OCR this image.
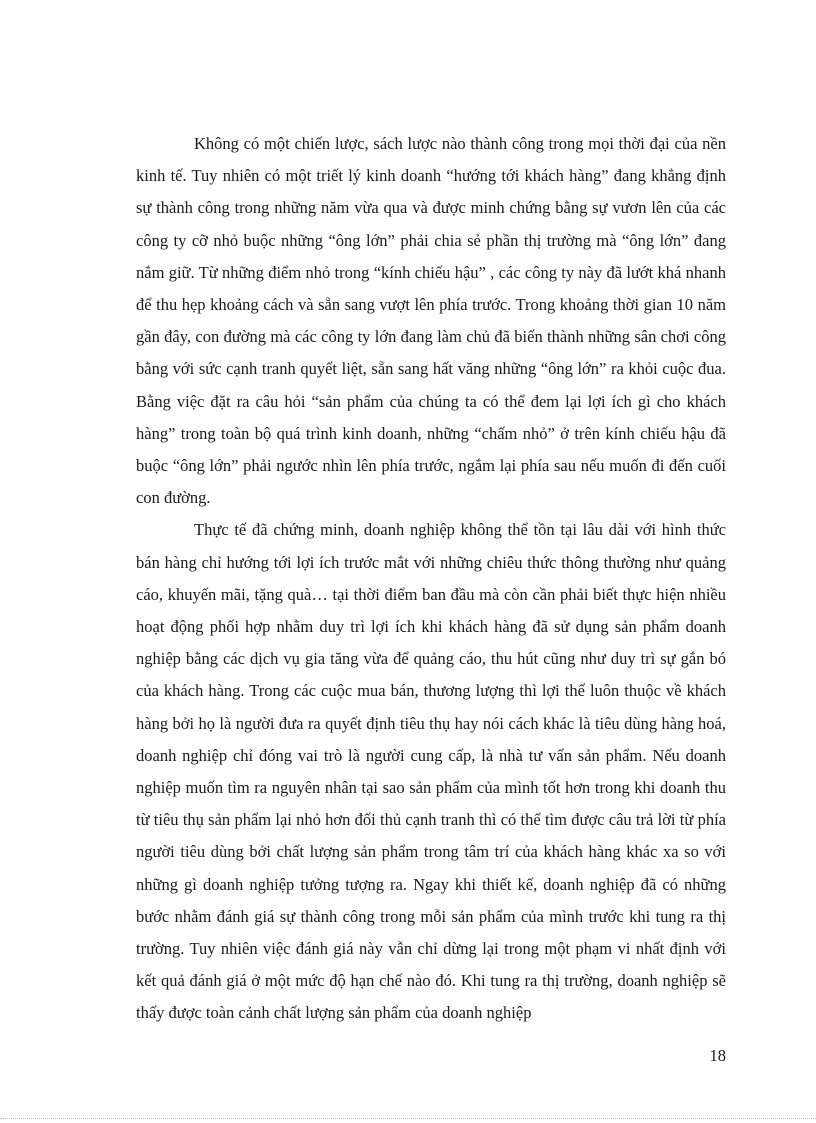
Không có một chiến lược, sách lược nào thành công trong mọi thời đại của nền kinh tế. Tuy nhiên có một triết lý kinh doanh “hướng tới khách hàng” đang khẳng định sự thành công trong những năm vừa qua và được minh chứng bằng sự vươn lên của các công ty cỡ nhỏ buộc những “ông lớn” phải chia sẻ phần thị trường mà “ông lớn” đang nắm giữ. Từ những điểm nhỏ trong “kính chiếu hậu” , các công ty này đã lướt khá nhanh để thu hẹp khoảng cách và sẵn sang vượt lên phía trước. Trong khoảng thời gian 10 năm gần đây, con đường mà các công ty lớn đang làm chủ đã biến thành những sân chơi công bằng với sức cạnh tranh quyết liệt, sẵn sang hất văng những “ông lớn” ra khỏi cuộc đua. Bằng việc đặt ra câu hỏi “sản phẩm của chúng ta có thể đem lại lợi ích gì cho khách hàng” trong toàn bộ quá trình kinh doanh, những “chấm nhỏ” ở trên kính chiếu hậu đã buộc “ông lớn” phải ngước nhìn lên phía trước, ngắm lại phía sau nếu muốn đi đến cuối con đường.

Thực tế đã chứng minh, doanh nghiệp không thể tồn tại lâu dài với hình thức bán hàng chỉ hướng tới lợi ích trước mắt với những chiêu thức thông thường như quảng cáo, khuyến mãi, tặng quà… tại thời điểm ban đầu mà còn cần phải biết thực hiện nhiều hoạt động phối hợp nhằm duy trì lợi ích khi khách hàng đã sử dụng sản phẩm doanh nghiệp bằng các dịch vụ gia tăng vừa để quảng cáo, thu hút cũng như duy trì sự gắn bó của khách hàng. Trong các cuộc mua bán, thương lượng thì lợi thế luôn thuộc về khách hàng bởi họ là người đưa ra quyết định tiêu thụ hay nói cách khác là tiêu dùng hàng hoá, doanh nghiệp chỉ đóng vai trò là người cung cấp, là nhà tư vấn sản phẩm. Nếu doanh nghiệp muốn tìm ra nguyên nhân tại sao sản phẩm của mình tốt hơn trong khi doanh thu từ tiêu thụ sản phẩm lại nhỏ hơn đối thủ cạnh tranh thì có thể tìm được câu trả lời từ phía người tiêu dùng bởi chất lượng sản phẩm trong tâm trí của khách hàng khác xa so với những gì doanh nghiệp tưởng tượng ra. Ngay khi thiết kế, doanh nghiệp đã có những bước nhằm đánh giá sự thành công trong mỗi sản phẩm của mình trước khi tung ra thị trường. Tuy nhiên việc đánh giá này vẫn chỉ dừng lại trong một phạm vi nhất định với kết quả đánh giá ở một mức độ hạn chế nào đó. Khi tung ra thị trường, doanh nghiệp sẽ thấy được toàn cảnh chất lượng sản phẩm của doanh nghiệp

18
